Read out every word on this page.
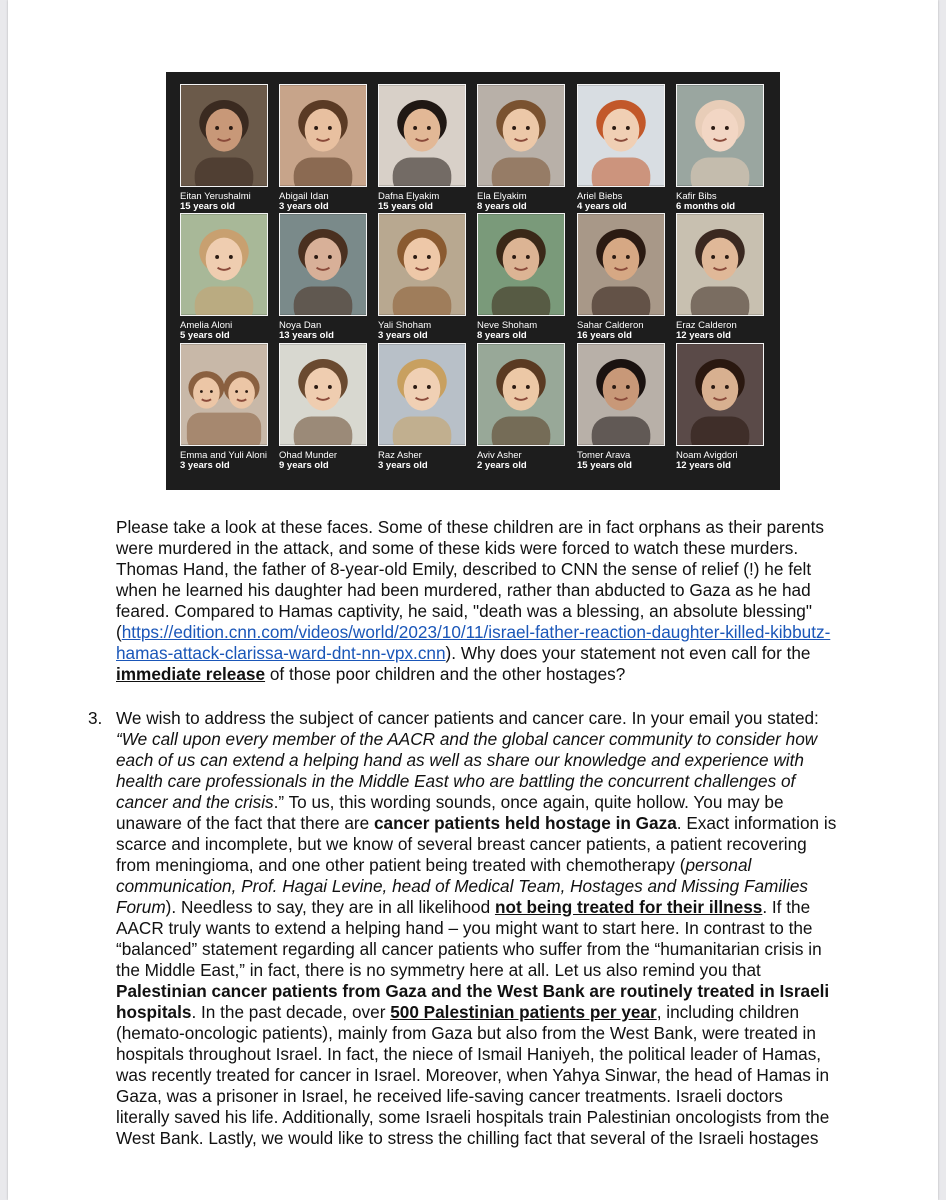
Eitan Yerushalmi
15 years old
Abigail Idan
3 years old
Dafna Elyakim
15 years old
Ela Elyakim
8 years old
Ariel Biebs
4 years old
Kafir Bibs
6 months old
Amelia Aloni
5 years old
Noya Dan
13 years old
Yali Shoham
3 years old
Neve Shoham
8 years old
Sahar Calderon
16 years old
Eraz Calderon
12 years old
Emma and Yuli Aloni
3 years old
Ohad Munder
9 years old
Raz Asher
3 years old
Aviv Asher
2 years old
Tomer Arava
15 years old
Noam Avigdori
12 years old
Please take a look at these faces. Some of these children are in fact orphans as their parents
were murdered in the attack, and some of these kids were forced to watch these murders.
Thomas Hand, the father of 8-year-old Emily, described to CNN the sense of relief (!) he felt
when he learned his daughter had been murdered, rather than abducted to Gaza as he had
feared. Compared to Hamas captivity, he said, "death was a blessing, an absolute blessing"
(https://edition.cnn.com/videos/world/2023/10/11/israel-father-reaction-daughter-killed-kibbutz-
hamas-attack-clarissa-ward-dnt-nn-vpx.cnn). Why does your statement not even call for the
immediate release of those poor children and the other hostages?
3. We wish to address the subject of cancer patients and cancer care. In your email you stated:
“We call upon every member of the AACR and the global cancer community to consider how
each of us can extend a helping hand as well as share our knowledge and experience with
health care professionals in the Middle East who are battling the concurrent challenges of
cancer and the crisis.” To us, this wording sounds, once again, quite hollow. You may be
unaware of the fact that there are cancer patients held hostage in Gaza. Exact information is
scarce and incomplete, but we know of several breast cancer patients, a patient recovering
from meningioma, and one other patient being treated with chemotherapy (personal
communication, Prof. Hagai Levine, head of Medical Team, Hostages and Missing Families
Forum). Needless to say, they are in all likelihood not being treated for their illness. If the
AACR truly wants to extend a helping hand – you might want to start here. In contrast to the
“balanced” statement regarding all cancer patients who suffer from the “humanitarian crisis in
the Middle East,” in fact, there is no symmetry here at all. Let us also remind you that
Palestinian cancer patients from Gaza and the West Bank are routinely treated in Israeli
hospitals. In the past decade, over 500 Palestinian patients per year, including children
(hemato-oncologic patients), mainly from Gaza but also from the West Bank, were treated in
hospitals throughout Israel. In fact, the niece of Ismail Haniyeh, the political leader of Hamas,
was recently treated for cancer in Israel. Moreover, when Yahya Sinwar, the head of Hamas in
Gaza, was a prisoner in Israel, he received life-saving cancer treatments. Israeli doctors
literally saved his life. Additionally, some Israeli hospitals train Palestinian oncologists from the
West Bank. Lastly, we would like to stress the chilling fact that several of the Israeli hostages
